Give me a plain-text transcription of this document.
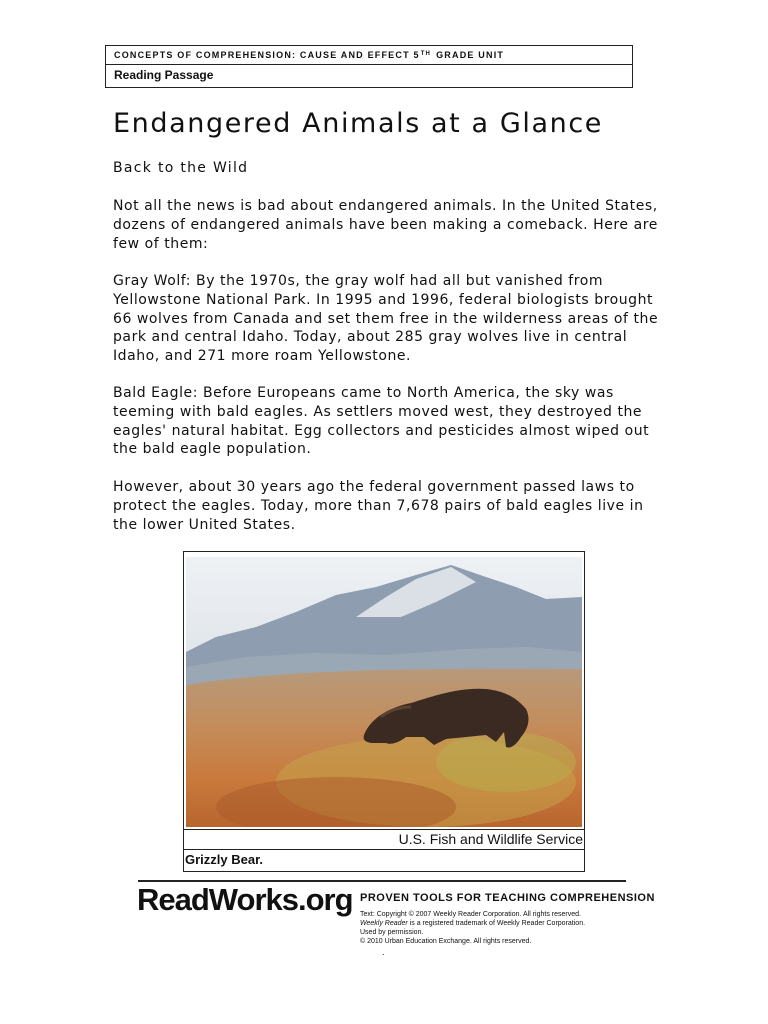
CONCEPTS OF COMPREHENSION: CAUSE AND EFFECT 5TH GRADE UNIT
Reading Passage
Endangered Animals at a Glance

Back to the Wild

Not all the news is bad about endangered animals. In the United States, dozens of endangered animals have been making a comeback. Here are few of them:

Gray Wolf: By the 1970s, the gray wolf had all but vanished from Yellowstone National Park. In 1995 and 1996, federal biologists brought 66 wolves from Canada and set them free in the wilderness areas of the park and central Idaho. Today, about 285 gray wolves live in central Idaho, and 271 more roam Yellowstone.

Bald Eagle: Before Europeans came to North America, the sky was teeming with bald eagles. As settlers moved west, they destroyed the eagles' natural habitat. Egg collectors and pesticides almost wiped out the bald eagle population.

However, about 30 years ago the federal government passed laws to protect the eagles. Today, more than 7,678 pairs of bald eagles live in the lower United States.

U.S. Fish and Wildlife Service
Grizzly Bear.
ReadWorks.org PROVEN TOOLS FOR TEACHING COMPREHENSION

Text: Copyright © 2007 Weekly Reader Corporation. All rights reserved.

Weekly Reader is a registered trademark of Weekly Reader Corporation.

Used by permission.

© 2010 Urban Education Exchange. All rights reserved.

.
